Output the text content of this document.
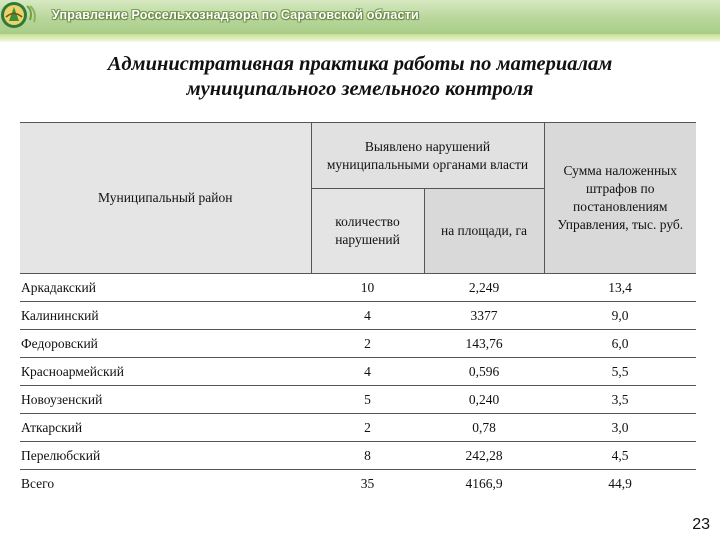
Управление Россельхознадзора по Саратовской области
Административная практика работы по материалам
муниципального земельного контроля
Муниципальный район	Выявлено нарушений муниципальными органами власти		Сумма наложенных штрафов по постановлениям Управления, тыс. руб.
	количество нарушений	на площади, га	
Аркадакский	10	2,249	13,4
Калининский	4	3377	9,0
Федоровский	2	143,76	6,0
Красноармейский	4	0,596	5,5
Новоузенский	5	0,240	3,5
Аткарский	2	0,78	3,0
Перелюбский	8	242,28	4,5
Всего	35	4166,9	44,9
23
